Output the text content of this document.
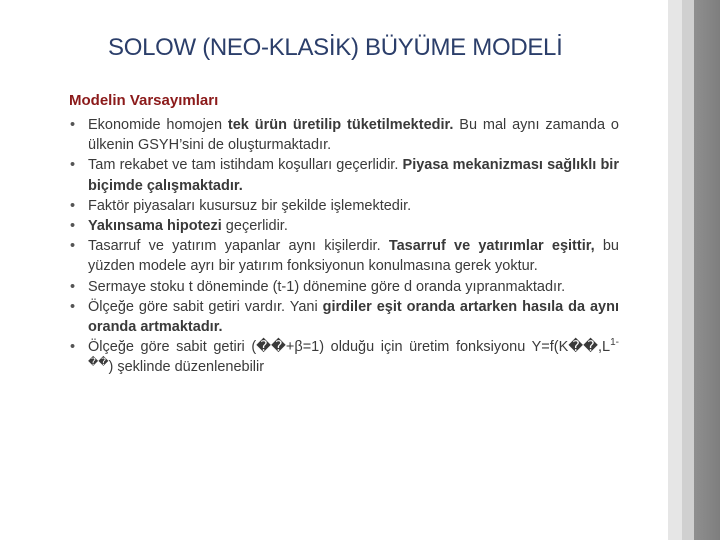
SOLOW (NEO-KLASİK) BÜYÜME MODELİ
Modelin Varsayımları
• Ekonomide homojen tek ürün üretilip tüketilmektedir. Bu mal aynı zamanda o ülkenin GSYH’sini de oluşturmaktadır.
• Tam rekabet ve tam istihdam koşulları geçerlidir. Piyasa mekanizması sağlıklı bir biçimde çalışmaktadır.
• Faktör piyasaları kusursuz bir şekilde işlemektedir.
• Yakınsama hipotezi geçerlidir.
• Tasarruf ve yatırım yapanlar aynı kişilerdir. Tasarruf ve yatırımlar eşittir, bu yüzden modele ayrı bir yatırım fonksiyonun konulmasına gerek yoktur.
• Sermaye stoku t döneminde (t-1) dönemine göre d oranda yıpranmaktadır.
• Ölçeğe göre sabit getiri vardır. Yani girdiler eşit oranda artarken hasıla da aynı oranda artmaktadır.
• Ölçeğe göre sabit getiri (��+β=1) olduğu için üretim fonksiyonu $Y=f(K��,L^{1-��})$ şeklinde düzenlenebilir
